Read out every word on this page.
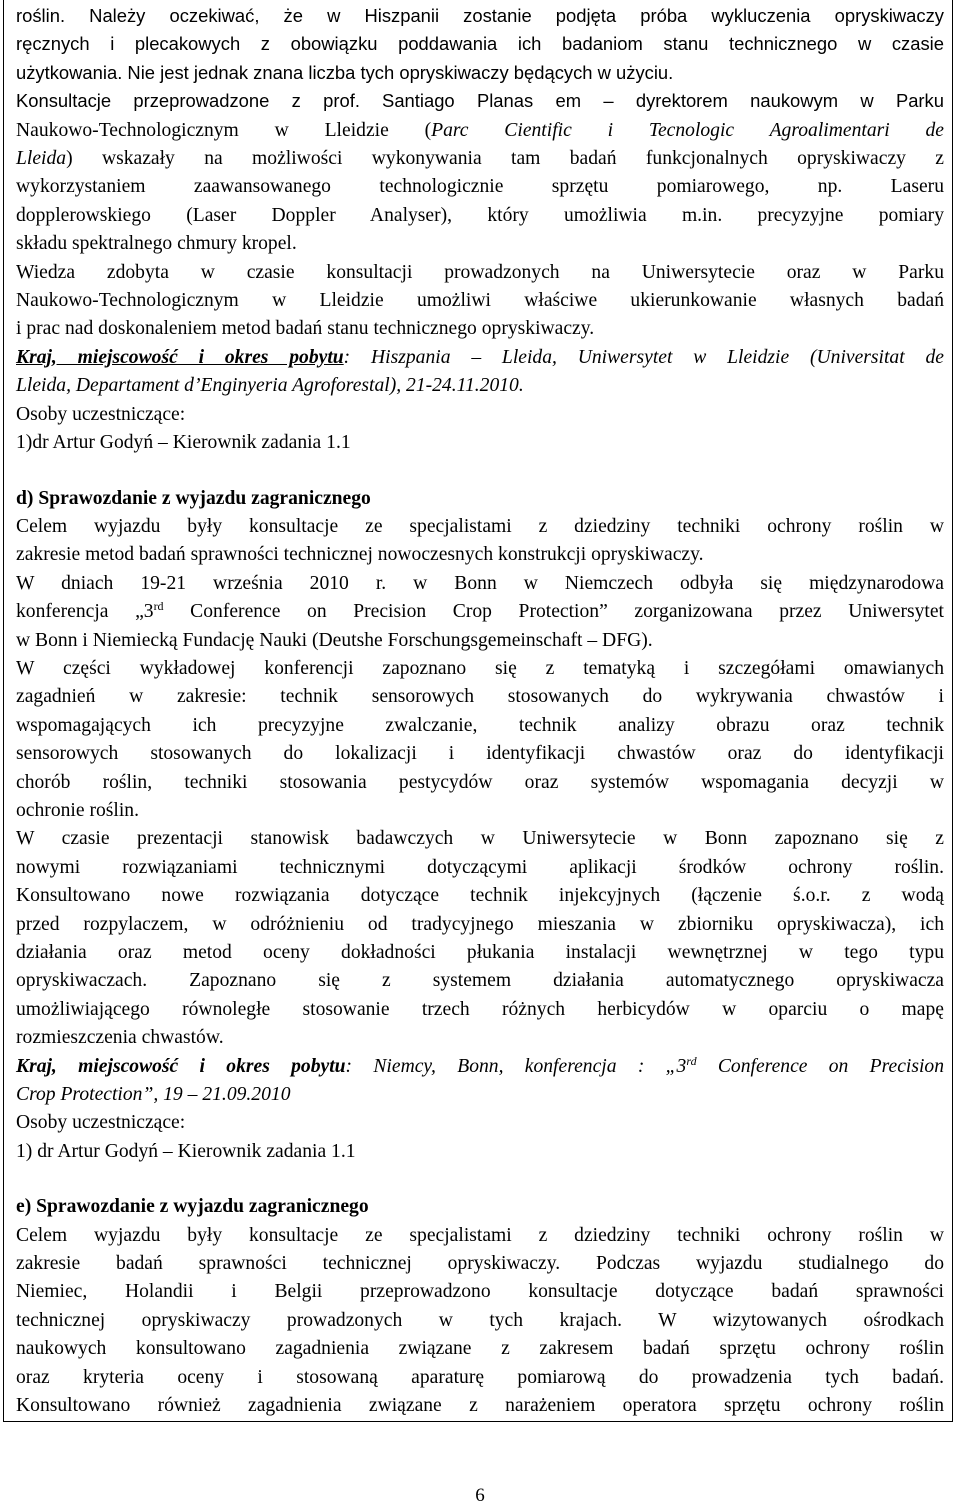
roślin. Należy oczekiwać, że w Hiszpanii zostanie podjęta próba wykluczenia opryskiwaczy
ręcznych i plecakowych z obowiązku poddawania ich badaniom stanu technicznego w czasie
użytkowania. Nie jest jednak znana liczba tych opryskiwaczy będących w użyciu.
Konsultacje przeprowadzone z prof. Santiago Planas em – dyrektorem naukowym w Parku
Naukowo-Technologicznym w Lleidzie (Parc Cientific i Tecnologic Agroalimentari de
Lleida) wskazały na możliwości wykonywania tam badań funkcjonalnych opryskiwaczy z
wykorzystaniem zaawansowanego technologicznie sprzętu pomiarowego, np. Laseru
dopplerowskiego (Laser Doppler Analyser), który umożliwia m.in. precyzyjne pomiary
składu spektralnego chmury kropel.
Wiedza zdobyta w czasie konsultacji prowadzonych na Uniwersytecie oraz w Parku
Naukowo-Technologicznym w Lleidzie umożliwi właściwe ukierunkowanie własnych badań
i prac nad doskonaleniem metod badań stanu technicznego opryskiwaczy.
Kraj, miejscowość i okres pobytu: Hiszpania – Lleida, Uniwersytet w Lleidzie (Universitat de
Lleida, Departament d’Enginyeria Agroforestal), 21-24.11.2010.
Osoby uczestniczące:
1)dr Artur Godyń – Kierownik zadania 1.1
d) Sprawozdanie z wyjazdu zagranicznego
Celem wyjazdu były konsultacje ze specjalistami z dziedziny techniki ochrony roślin w
zakresie metod badań sprawności technicznej nowoczesnych konstrukcji opryskiwaczy.
W dniach 19-21 września 2010 r. w Bonn w Niemczech odbyła się międzynarodowa
konferencja „3rd Conference on Precision Crop Protection” zorganizowana przez Uniwersytet
w Bonn i Niemiecką Fundację Nauki (Deutshe Forschungsgemeinschaft – DFG).
W części wykładowej konferencji zapoznano się z tematyką i szczegółami omawianych
zagadnień w zakresie: technik sensorowych stosowanych do wykrywania chwastów i
wspomagających ich precyzyjne zwalczanie, technik analizy obrazu oraz technik
sensorowych stosowanych do lokalizacji i identyfikacji chwastów oraz do identyfikacji
chorób roślin, techniki stosowania pestycydów oraz systemów wspomagania decyzji w
ochronie roślin.
W czasie prezentacji stanowisk badawczych w Uniwersytecie w Bonn zapoznano się z
nowymi rozwiązaniami technicznymi dotyczącymi aplikacji środków ochrony roślin.
Konsultowano nowe rozwiązania dotyczące technik injekcyjnych (łączenie ś.o.r. z wodą
przed rozpylaczem, w odróżnieniu od tradycyjnego mieszania w zbiorniku opryskiwacza), ich
działania oraz metod oceny dokładności płukania instalacji wewnętrznej w tego typu
opryskiwaczach. Zapoznano się z systemem działania automatycznego opryskiwacza
umożliwiającego równoległe stosowanie trzech różnych herbicydów w oparciu o mapę
rozmieszczenia chwastów.
Kraj, miejscowość i okres pobytu: Niemcy, Bonn, konferencja : „3rd Conference on Precision
Crop Protection”, 19 – 21.09.2010
Osoby uczestniczące:
1) dr Artur Godyń – Kierownik zadania 1.1
e) Sprawozdanie z wyjazdu zagranicznego
Celem wyjazdu były konsultacje ze specjalistami z dziedziny techniki ochrony roślin w
zakresie badań sprawności technicznej opryskiwaczy. Podczas wyjazdu studialnego do
Niemiec, Holandii i Belgii przeprowadzono konsultacje dotyczące badań sprawności
technicznej opryskiwaczy prowadzonych w tych krajach. W wizytowanych ośrodkach
naukowych konsultowano zagadnienia związane z zakresem badań sprzętu ochrony roślin
oraz kryteria oceny i stosowaną aparaturę pomiarową do prowadzenia tych badań.
Konsultowano również zagadnienia związane z narażeniem operatora sprzętu ochrony roślin
6
